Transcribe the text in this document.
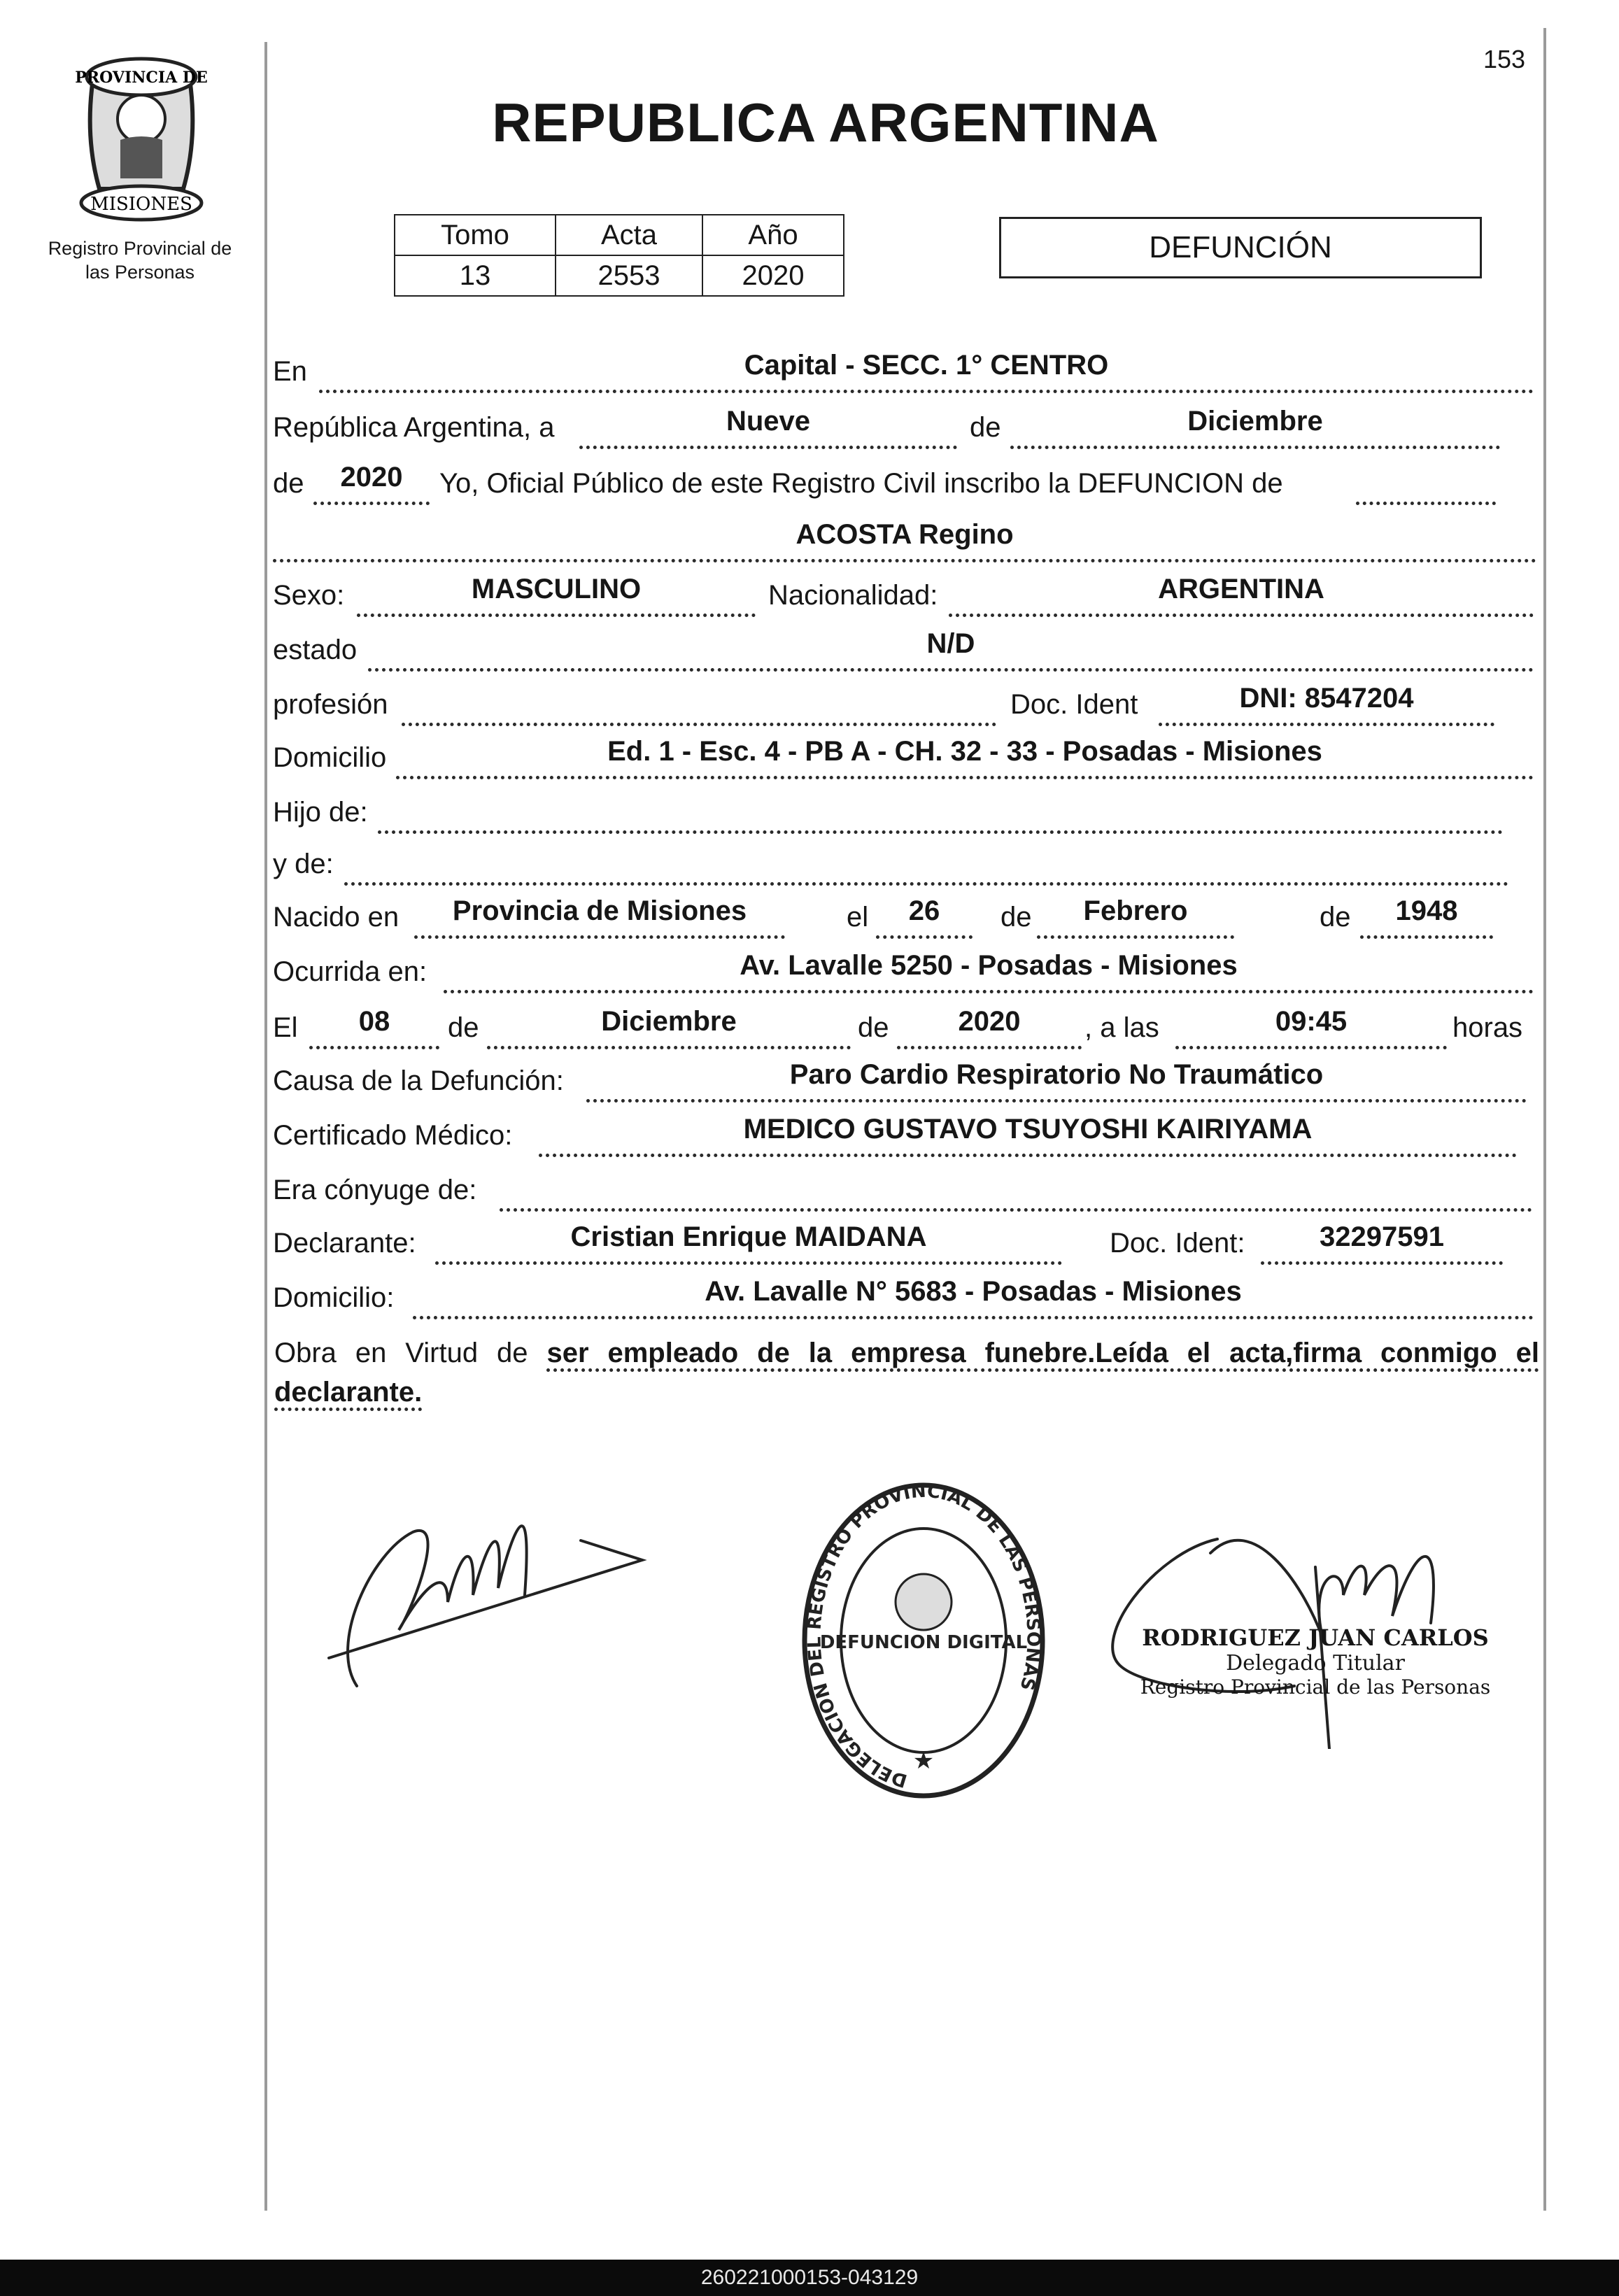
153
PROVINCIA DE
MISIONES
Registro Provincial de
las Personas
REPUBLICA ARGENTINA
Tomo	Acta	Año
13	2553	2020
DEFUNCIÓN
En	Capital - SECC. 1° CENTRO
República Argentina, a	Nueve	de	Diciembre
de	2020	Yo, Oficial Público de este Registro Civil inscribo la DEFUNCION de
ACOSTA Regino
Sexo:	MASCULINO	Nacionalidad:	ARGENTINA
estado	N/D
profesión	Doc. Ident	DNI: 8547204
Domicilio	Ed. 1 - Esc. 4 - PB A - CH. 32 - 33 - Posadas - Misiones
Hijo de:
y de:
Nacido en	Provincia de Misiones	el	26	de	Febrero	de	1948
Ocurrida en:	Av. Lavalle 5250 - Posadas - Misiones
El	08	de	Diciembre	de	2020	, a las	09:45	horas
Causa de la Defunción:	Paro Cardio Respiratorio No Traumático
Certificado Médico:	MEDICO GUSTAVO TSUYOSHI KAIRIYAMA
Era cónyuge de:
Declarante:	Cristian Enrique MAIDANA	Doc. Ident:	32297591
Domicilio:	Av. Lavalle N° 5683 - Posadas - Misiones
Obra en Virtud de ser empleado de la empresa funebre.Leída el acta,firma conmigo el declarante.
DELEGACION DEL REGISTRO PROVINCIAL DE LAS PERSONAS
DEFUNCION DIGITAL
★
RODRIGUEZ JUAN CARLOS
Delegado Titular
Registro Provincial de las Personas
260221000153-043129
